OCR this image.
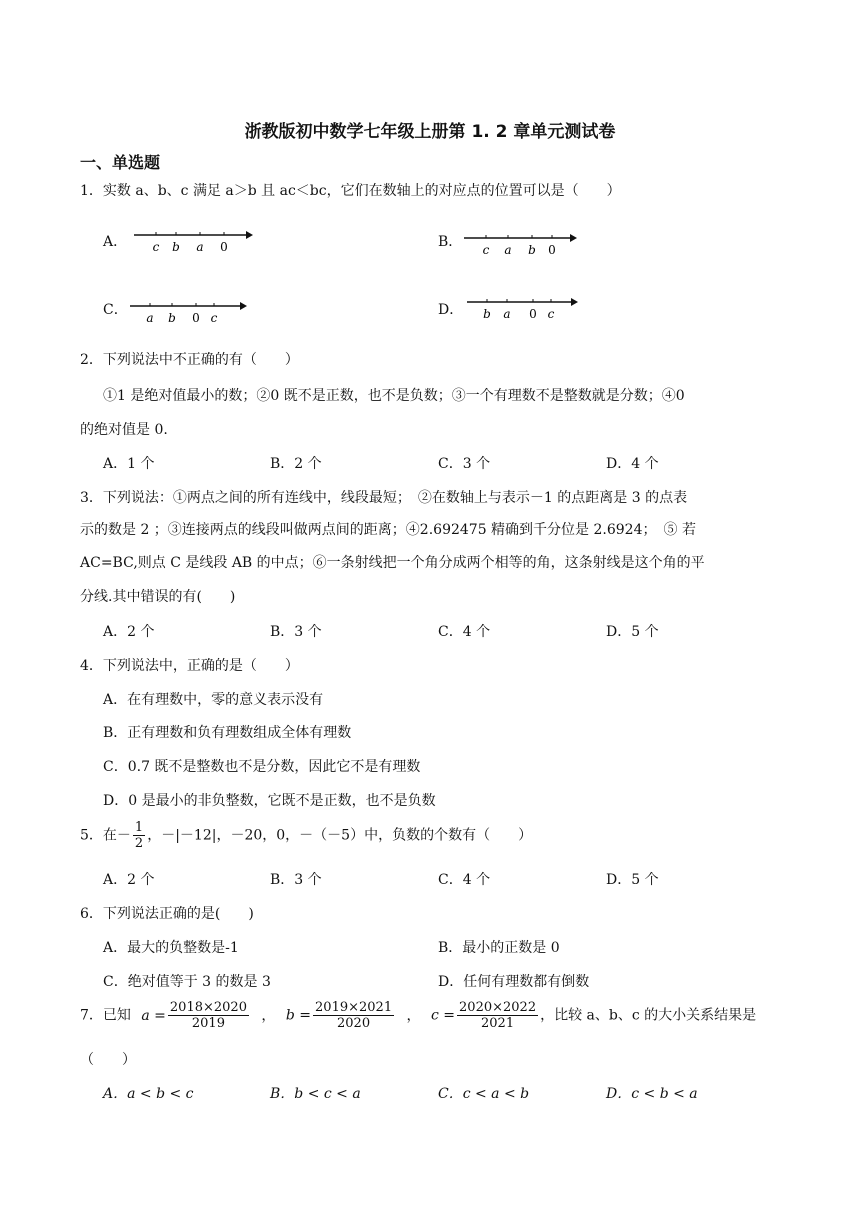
浙教版初中数学七年级上册第 1. 2 章单元测试卷
一、单选题
1．实数 a、b、c 满足 a＞b 且 ac＜bc，它们在数轴上的对应点的位置可以是（　　）
A． c b a 0	B． c a b 0
C． a b 0 c	D． b a 0 c
2．下列说法中不正确的有（　　）
①1 是绝对值最小的数；②0 既不是正数，也不是负数；③一个有理数不是整数就是分数；④0
的绝对值是 0.
A．1 个	B．2 个	C．3 个	D．4 个
3．下列说法：①两点之间的所有连线中，线段最短；　②在数轴上与表示－1 的点距离是 3 的点表
示的数是 2 ；③连接两点的线段叫做两点间的距离；④2.692475 精确到千分位是 2.6924；　⑤ 若
AC=BC,则点 C 是线段 AB 的中点；⑥一条射线把一个角分成两个相等的角，这条射线是这个角的平
分线.其中错误的有(　　)
A．2 个	B．3 个	C．4 个	D．5 个
4．下列说法中，正确的是（　　）
A．在有理数中，零的意义表示没有
B．正有理数和负有理数组成全体有理数
C．0.7 既不是整数也不是分数，因此它不是有理数
D．0 是最小的非负整数，它既不是正数，也不是负数
5．在－ $\frac{1}{2}$ ，－|－12|，－20，0，－（－5）中，负数的个数有（　　）
A．2 个	B．3 个	C．4 个	D．5 个
6．下列说法正确的是(　　)
A．最大的负整数是-1	B．最小的正数是 0
C．绝对值等于 3 的数是 3	D．任何有理数都有倒数
7．已知 $a = \frac{2018\times 2020}{2019}$ ， $b = \frac{2019\times 2021}{2020}$ ， $c = \frac{2020\times 2022}{2021}$ ，比较 a、b、c 的大小关系结果是
（　　）
A．a < b < c	B．b < c < a	C．c < a < b	D．c < b < a
